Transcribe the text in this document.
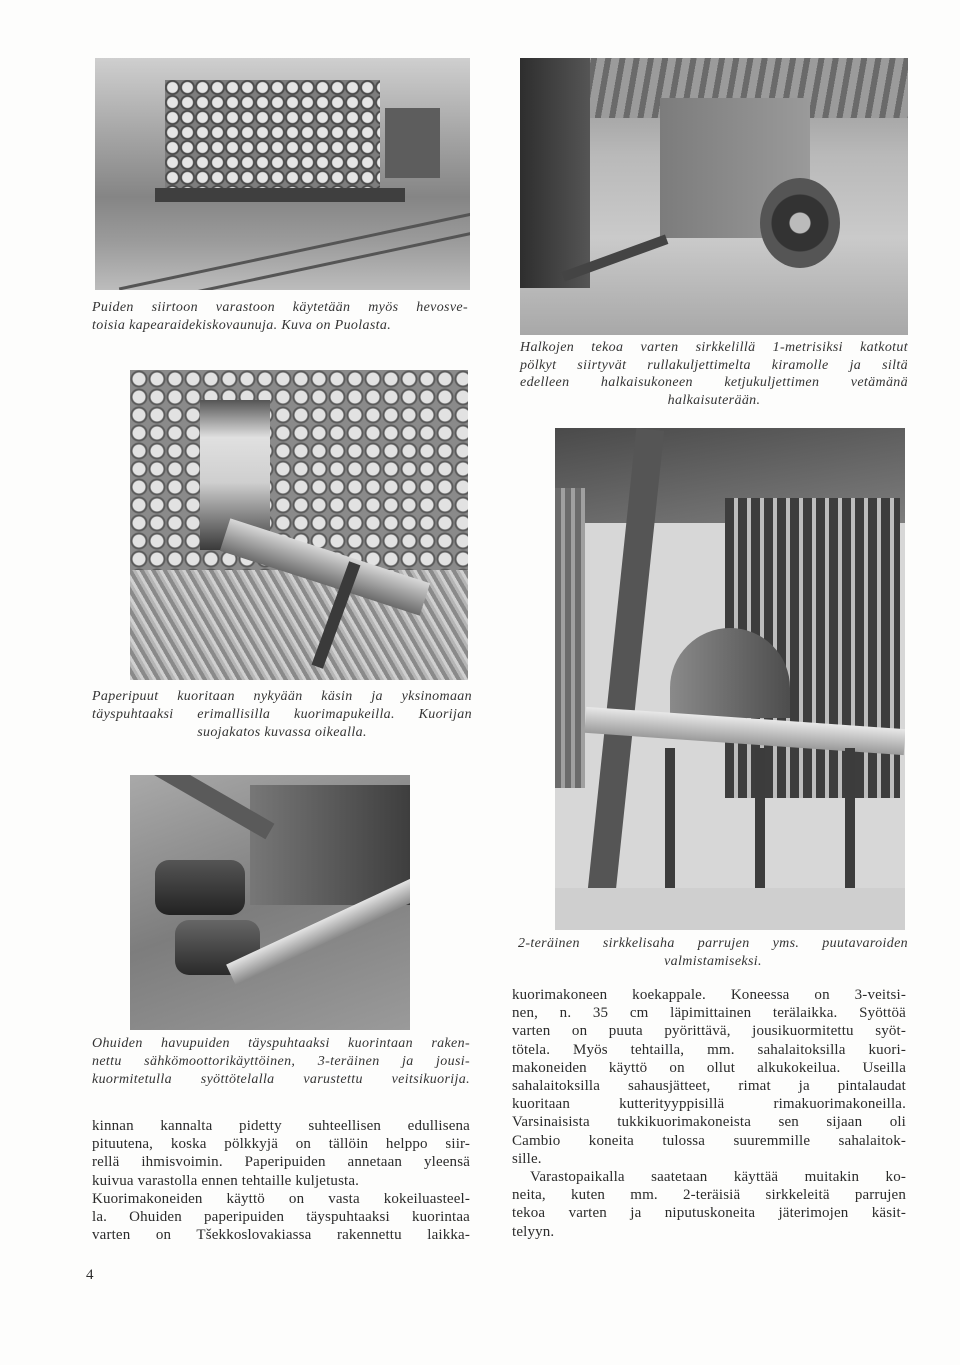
Puiden siirtoon varastoon käytetään myös hevosve-
toisia kapearaidekiskovaunuja. Kuva on Puolasta.
Halkojen tekoa varten sirkkelillä 1-metrisiksi katkotut
pölkyt siirtyvät rullakuljettimelta kiramolle ja siltä
edelleen halkaisukoneen ketjukuljettimen vetämänä
halkaisuterään.
Paperipuut kuoritaan nykyään käsin ja yksinomaan
täyspuhtaaksi erimallisilla kuorimapukeilla. Kuorijan
suojakatos kuvassa oikealla.
2-teräinen sirkkelisaha parrujen yms. puutavaroiden
valmistamiseksi.
Ohuiden havupuiden täyspuhtaaksi kuorintaan raken-
nettu sähkömoottorikäyttöinen, 3-teräinen ja jousi-
kuormitetulla syöttötelalla varustettu veitsikuorija.
kinnan kannalta pidetty suhteellisen edullisena
pituutena, koska pölkkyjä on tällöin helppo siir-
rellä ihmisvoimin. Paperipuiden annetaan yleensä
kuivua varastolla ennen tehtaille kuljetusta.
Kuorimakoneiden käyttö on vasta kokeiluasteel-
la. Ohuiden paperipuiden täyspuhtaaksi kuorintaa
varten on Tšekkoslovakiassa rakennettu laikka-
kuorimakoneen koekappale. Koneessa on 3-veitsi-
nen, n. 35 cm läpimittainen terälaikka. Syöttöä
varten on puuta pyörittävä, jousikuormitettu syöt-
tötela. Myös tehtailla, mm. sahalaitoksilla kuori-
makoneiden käyttö on ollut alkukokeilua. Useilla
sahalaitoksilla sahausjätteet, rimat ja pintalaudat
kuoritaan kutterityyppisillä rimakuorimakoneilla.
Varsinaisista tukkikuorimakoneista sen sijaan oli
Cambio koneita tulossa suuremmille sahalaitok-
sille.
Varastopaikalla saatetaan käyttää muitakin ko-
neita, kuten mm. 2-teräisiä sirkkeleitä parrujen
tekoa varten ja niputuskoneita jäterimojen käsit-
telyyn.
4
